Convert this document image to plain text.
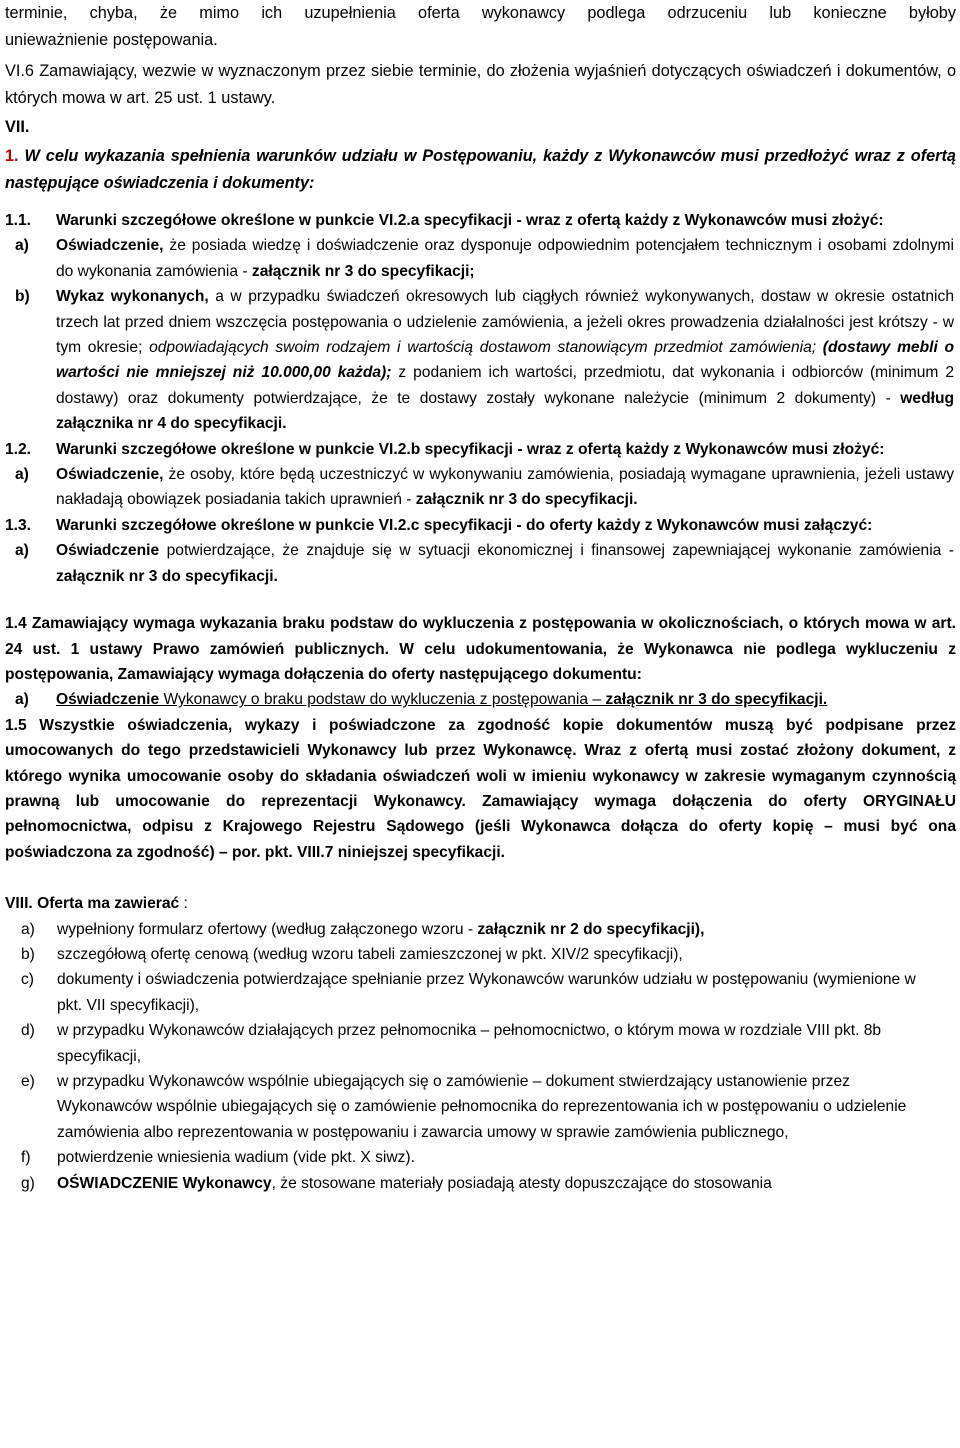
terminie, chyba, że mimo ich uzupełnienia oferta wykonawcy podlega odrzuceniu lub konieczne byłoby

unieważnienie postępowania.

VI.6 Zamawiający, wezwie w wyznaczonym przez siebie terminie, do złożenia wyjaśnień dotyczących oświadczeń i dokumentów, o których mowa w art. 25 ust. 1 ustawy.

VII.

1. W celu wykazania spełnienia warunków udziału w Postępowaniu, każdy z Wykonawców musi przedłożyć wraz z ofertą następujące oświadczenia i dokumenty:

1.1.	Warunki szczegółowe określone w punkcie VI.2.a specyfikacji - wraz z ofertą każdy z Wykonawców musi złożyć:
a)	Oświadczenie, że posiada wiedzę i doświadczenie oraz dysponuje odpowiednim potencjałem technicznym i osobami zdolnymi do wykonania zamówienia - załącznik nr 3 do specyfikacji;
b)	Wykaz wykonanych, a w przypadku świadczeń okresowych lub ciągłych również wykonywanych, dostaw w okresie ostatnich trzech lat przed dniem wszczęcia postępowania o udzielenie zamówienia, a jeżeli okres prowadzenia działalności jest krótszy - w tym okresie; odpowiadających swoim rodzajem i wartością dostawom stanowiącym przedmiot zamówienia; (dostawy mebli o wartości nie mniejszej niż 10.000,00 każda); z podaniem ich wartości, przedmiotu, dat wykonania i odbiorców (minimum 2 dostawy) oraz dokumenty potwierdzające, że te dostawy zostały wykonane należycie (minimum 2 dokumenty) - według załącznika nr 4 do specyfikacji.
1.2.	Warunki szczegółowe określone w punkcie VI.2.b specyfikacji - wraz z ofertą każdy z Wykonawców musi złożyć:
a)	Oświadczenie, że osoby, które będą uczestniczyć w wykonywaniu zamówienia, posiadają wymagane uprawnienia, jeżeli ustawy nakładają obowiązek posiadania takich uprawnień - załącznik nr 3 do specyfikacji.
1.3.	Warunki szczegółowe określone w punkcie VI.2.c specyfikacji - do oferty każdy z Wykonawców musi załączyć:
a)	Oświadczenie potwierdzające, że znajduje się w sytuacji ekonomicznej i finansowej zapewniającej wykonanie zamówienia - załącznik nr 3 do specyfikacji.

1.4 Zamawiający wymaga wykazania braku podstaw do wykluczenia z postępowania w okolicznościach, o których mowa w art. 24 ust. 1 ustawy Prawo zamówień publicznych. W celu udokumentowania, że Wykonawca nie podlega wykluczeniu z postępowania, Zamawiający wymaga dołączenia do oferty następującego dokumentu:

a)	Oświadczenie Wykonawcy o braku podstaw do wykluczenia z postępowania – załącznik nr 3 do specyfikacji.

1.5 Wszystkie oświadczenia, wykazy i poświadczone za zgodność kopie dokumentów muszą być podpisane przez umocowanych do tego przedstawicieli Wykonawcy lub przez Wykonawcę. Wraz z ofertą musi zostać złożony dokument, z którego wynika umocowanie osoby do składania oświadczeń woli w imieniu wykonawcy w zakresie wymaganym czynnością prawną lub umocowanie do reprezentacji Wykonawcy. Zamawiający wymaga dołączenia do oferty ORYGINAŁU pełnomocnictwa, odpisu z Krajowego Rejestru Sądowego (jeśli Wykonawca dołącza do oferty kopię – musi być ona poświadczona za zgodność) – por. pkt. VIII.7 niniejszej specyfikacji.

VIII. Oferta ma zawierać :

a)	wypełniony formularz ofertowy (według załączonego wzoru - załącznik nr 2 do specyfikacji),
b)	szczegółową ofertę cenową (według wzoru tabeli zamieszczonej w pkt. XIV/2 specyfikacji),
c)	dokumenty i oświadczenia potwierdzające spełnianie przez Wykonawców warunków udziału w postępowaniu (wymienione w pkt. VII specyfikacji),
d)	w przypadku Wykonawców działających przez pełnomocnika – pełnomocnictwo, o którym mowa w rozdziale VIII pkt. 8b specyfikacji,
e)	w przypadku Wykonawców wspólnie ubiegających się o zamówienie – dokument stwierdzający ustanowienie przez Wykonawców wspólnie ubiegających się o zamówienie pełnomocnika do reprezentowania ich w postępowaniu o udzielenie zamówienia albo reprezentowania w postępowaniu i zawarcia umowy w sprawie zamówienia publicznego,
f)	potwierdzenie wniesienia wadium (vide pkt. X siwz).
g)	OŚWIADCZENIE Wykonawcy, że stosowane materiały posiadają atesty dopuszczające do stosowania
